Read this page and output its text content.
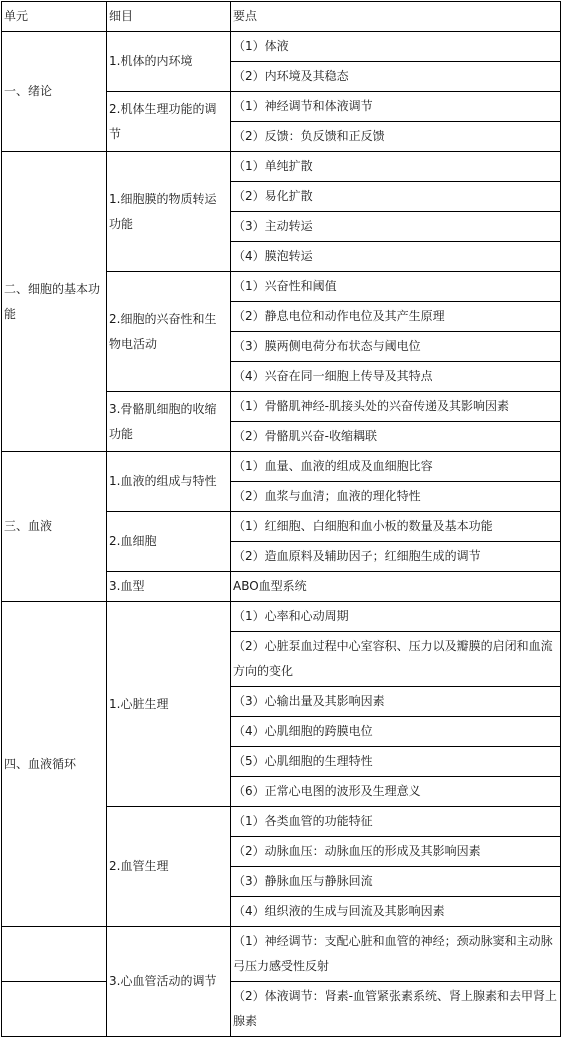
单元	细目	要点
一、绪论	1.机体的内环境	（1）体液
		（2）内环境及其稳态
	2.机体生理功能的调节	（1）神经调节和体液调节
		（2）反馈：负反馈和正反馈
二、细胞的基本功能	1.细胞膜的物质转运功能	（1）单纯扩散
		（2）易化扩散
		（3）主动转运
		（4）膜泡转运
	2.细胞的兴奋性和生物电活动	（1）兴奋性和阈值
		（2）静息电位和动作电位及其产生原理
		（3）膜两侧电荷分布状态与阈电位
		（4）兴奋在同一细胞上传导及其特点
	3.骨骼肌细胞的收缩功能	（1）骨骼肌神经-肌接头处的兴奋传递及其影响因素
		（2）骨骼肌兴奋-收缩耦联
三、血液	1.血液的组成与特性	（1）血量、血液的组成及血细胞比容
		（2）血浆与血清；血液的理化特性
	2.血细胞	（1）红细胞、白细胞和血小板的数量及基本功能
		（2）造血原料及辅助因子；红细胞生成的调节
	3.血型	ABO血型系统
四、血液循环	1.心脏生理	（1）心率和心动周期
		（2）心脏泵血过程中心室容积、压力以及瓣膜的启闭和血流方向的变化
		（3）心输出量及其影响因素
		（4）心肌细胞的跨膜电位
		（5）心肌细胞的生理特性
		（6）正常心电图的波形及生理意义
	2.血管生理	（1）各类血管的功能特征
		（2）动脉血压：动脉血压的形成及其影响因素
		（3）静脉血压与静脉回流
		（4）组织液的生成与回流及其影响因素
	3.心血管活动的调节	（1）神经调节：支配心脏和血管的神经；颈动脉窦和主动脉弓压力感受性反射
		（2）体液调节：肾素-血管紧张素系统、肾上腺素和去甲肾上腺素
